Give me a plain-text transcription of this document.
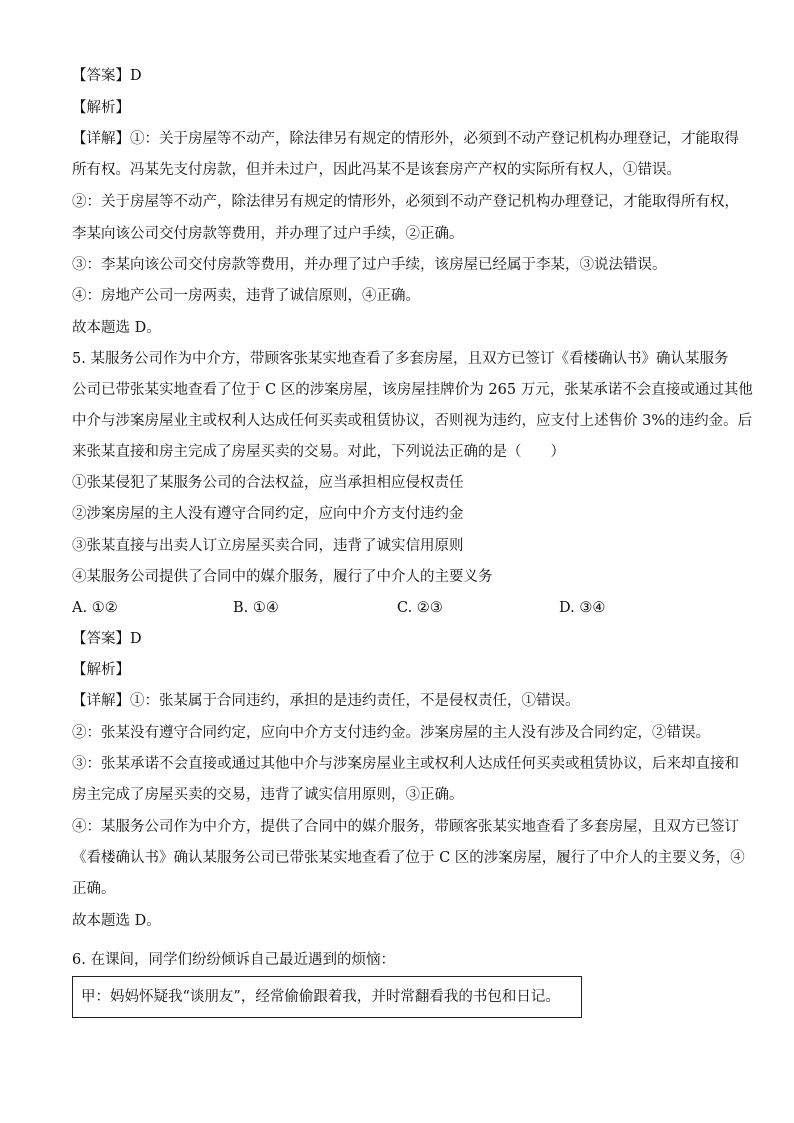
【答案】D
【解析】
【详解】①：关于房屋等不动产，除法律另有规定的情形外，必须到不动产登记机构办理登记，才能取得
所有权。冯某先支付房款，但并未过户，因此冯某不是该套房产产权的实际所有权人，①错误。
②：关于房屋等不动产，除法律另有规定的情形外，必须到不动产登记机构办理登记，才能取得所有权，
李某向该公司交付房款等费用，并办理了过户手续，②正确。
③：李某向该公司交付房款等费用，并办理了过户手续，该房屋已经属于李某，③说法错误。
④：房地产公司一房两卖，违背了诚信原则，④正确。
故本题选 D。
5. 某服务公司作为中介方，带顾客张某实地查看了多套房屋，且双方已签订《看楼确认书》确认某服务
公司已带张某实地查看了位于 C 区的涉案房屋，该房屋挂牌价为 265 万元，张某承诺不会直接或通过其他
中介与涉案房屋业主或权利人达成任何买卖或租赁协议，否则视为违约，应支付上述售价 3%的违约金。后
来张某直接和房主完成了房屋买卖的交易。对此，下列说法正确的是（　　）
①张某侵犯了某服务公司的合法权益，应当承担相应侵权责任
②涉案房屋的主人没有遵守合同约定，应向中介方支付违约金
③张某直接与出卖人订立房屋买卖合同，违背了诚实信用原则
④某服务公司提供了合同中的媒介服务，履行了中介人的主要义务
A. ①②	B. ①④	C. ②③	D. ③④
【答案】D
【解析】
【详解】①：张某属于合同违约，承担的是违约责任，不是侵权责任，①错误。
②：张某没有遵守合同约定，应向中介方支付违约金。涉案房屋的主人没有涉及合同约定，②错误。
③：张某承诺不会直接或通过其他中介与涉案房屋业主或权利人达成任何买卖或租赁协议，后来却直接和
房主完成了房屋买卖的交易，违背了诚实信用原则，③正确。
④：某服务公司作为中介方，提供了合同中的媒介服务，带顾客张某实地查看了多套房屋，且双方已签订
《看楼确认书》确认某服务公司已带张某实地查看了位于 C 区的涉案房屋，履行了中介人的主要义务，④
正确。
故本题选 D。
6. 在课间，同学们纷纷倾诉自己最近遇到的烦恼：
甲：妈妈怀疑我“谈朋友”，经常偷偷跟着我，并时常翻看我的书包和日记。
